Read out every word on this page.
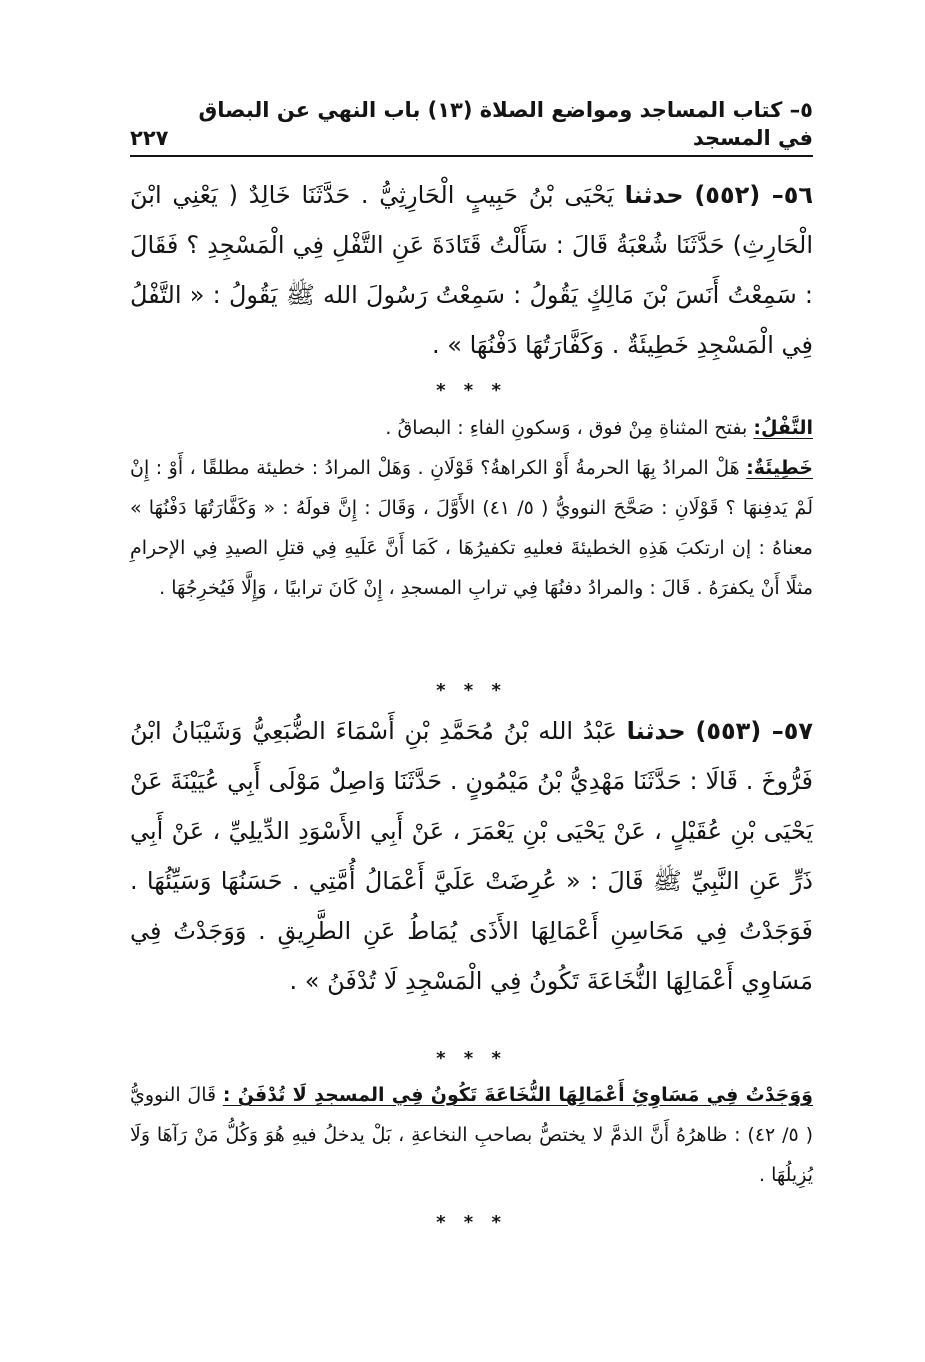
٥– كتاب المساجد ومواضع الصلاة (١٣) باب النهي عن البصاق في المسجد
٢٢٧

٥٦– (٥٥٢) حدثنا يَحْيَى بْنُ حَبِيبٍ الْحَارِثِيُّ . حَدَّثَنَا خَالِدٌ ( يَعْنِي ابْنَ الْحَارِثِ) حَدَّثَنَا شُعْبَةُ قَالَ : سَأَلْتُ قَتَادَةَ عَنِ التَّفْلِ فِي الْمَسْجِدِ ؟ فَقَالَ : سَمِعْتُ أَنَسَ بْنَ مَالِكٍ يَقُولُ : سَمِعْتُ رَسُولَ الله ﷺ يَقُولُ : « التَّفْلُ فِي الْمَسْجِدِ خَطِيئَةٌ . وَكَفَّارَتُهَا دَفْنُهَا » .

* * *
التَّفْلُ: بفتح المثناةِ مِنْ فوق ، وَسكونِ الفاءِ : البصاقُ .
خَطِيئَةٌ: هَلْ المرادُ بِهَا الحرمةُ أَوْ الكراهةُ؟ قَوْلَانِ . وَهَلْ المرادُ : خطيئة مطلقًا ، أَوْ : إِنْ لَمْ يَدفِنهَا ؟ قَوْلَانِ : صَحَّحَ النوويُّ ( ٥/ ٤١) الأَوَّلَ ، وَقَالَ : إِنَّ قولَهُ : « وَكَفَّارَتُهَا دَفْنُهَا » معناهُ : إن ارتكبَ هَذِهِ الخطيئةَ فعليهِ تكفيرُهَا ، كَمَا أَنَّ عَلَيهِ فِي قتلِ الصيدِ فِي الإحرامِ مثلًا أَنْ يكفرَهُ . قَالَ : والمرادُ دفنُهَا فِي ترابِ المسجدِ ، إِنْ كَانَ ترابيًا ، وَإِلَّا فَيُخرِجُهَا .
* * *

٥٧– (٥٥٣) حدثنا عَبْدُ الله بْنُ مُحَمَّدِ بْنِ أَسْمَاءَ الضُّبَعِيُّ وَشَيْبَانُ ابْنُ فَرُّوخَ . قَالَا : حَدَّثَنَا مَهْدِيُّ بْنُ مَيْمُونٍ . حَدَّثَنَا وَاصِلٌ مَوْلَى أَبِي عُيَيْنَةَ عَنْ يَحْيَى بْنِ عُقَيْلٍ ، عَنْ يَحْيَى بْنِ يَعْمَرَ ، عَنْ أَبِي الأَسْوَدِ الدِّيلِيِّ ، عَنْ أَبِي ذَرٍّ عَنِ النَّبِيِّ ﷺ قَالَ : « عُرِضَتْ عَلَيَّ أَعْمَالُ أُمَّتِي . حَسَنُهَا وَسَيِّئُهَا . فَوَجَدْتُ فِي مَحَاسِنِ أَعْمَالِهَا الأَذَى يُمَاطُ عَنِ الطَّرِيقِ . وَوَجَدْتُ فِي مَسَاوِي أَعْمَالِهَا النُّخَاعَةَ تَكُونُ فِي الْمَسْجِدِ لَا تُدْفَنُ » .

* * *
وَوَجَدْتُ فِي مَسَاوِئِ أَعْمَالِهَا النُّخَاعَةَ تَكُونُ فِي المسجدِ لَا تُدْفَنُ : قَالَ النوويُّ ( ٥/ ٤٢) : ظاهرُهُ أَنَّ الذمَّ لا يختصُّ بصاحبِ النخاعةِ ، بَلْ يدخلُ فيهِ هُوَ وَكُلُّ مَنْ رَآهَا وَلَا يُزِيلُهَا .
* * *
